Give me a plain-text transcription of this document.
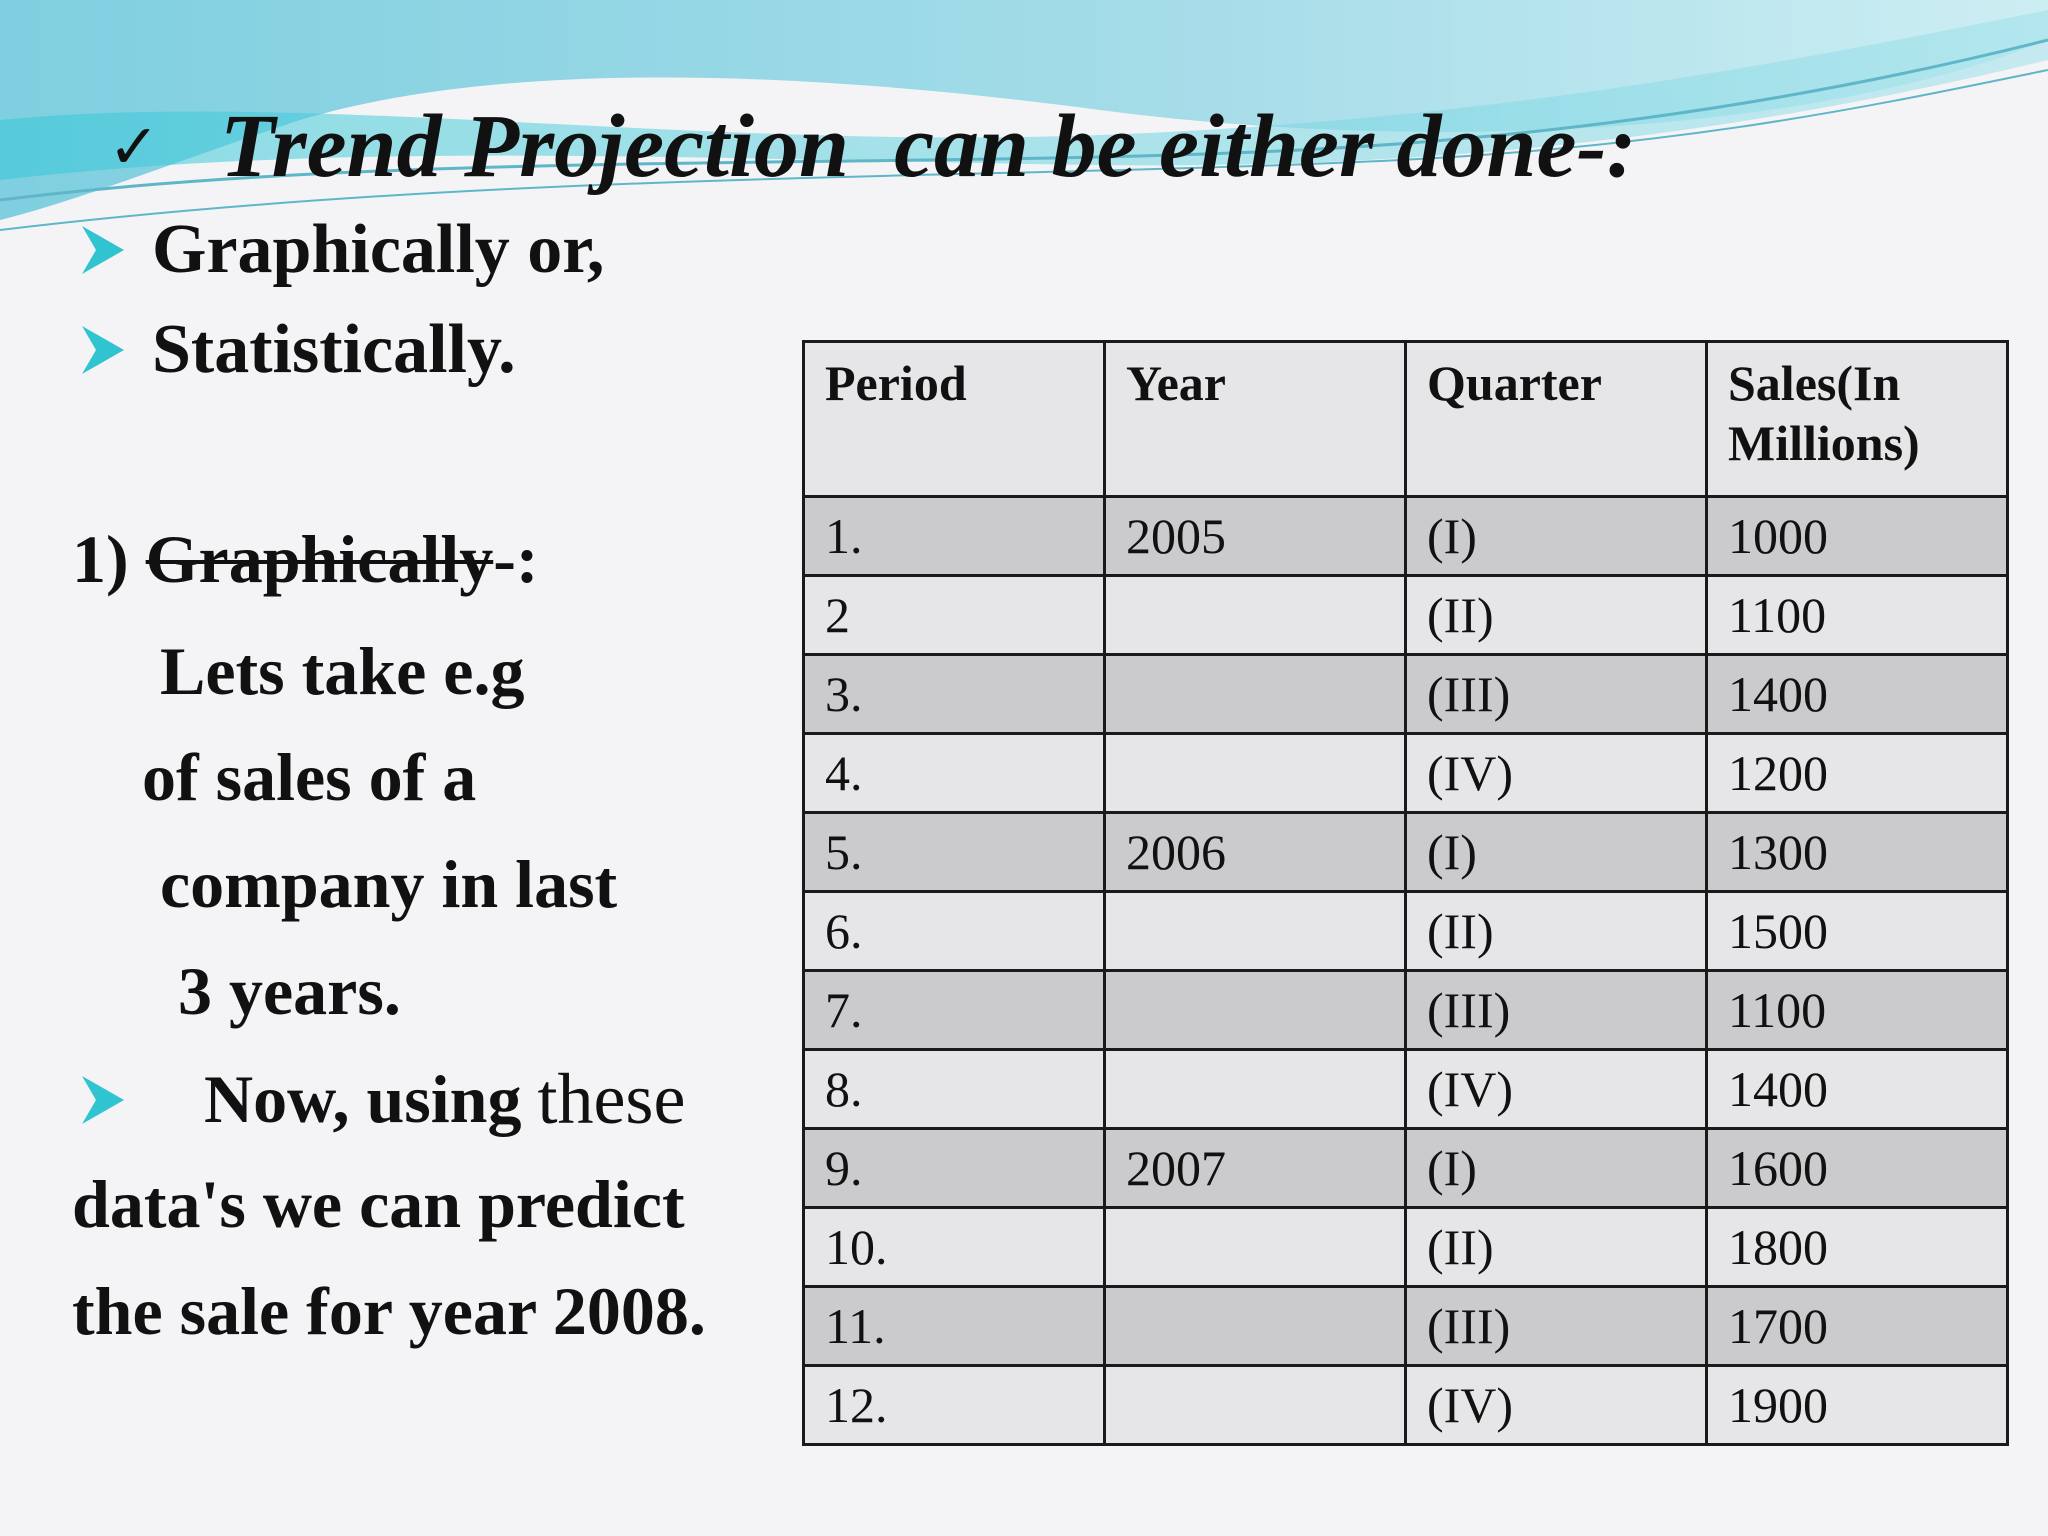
✓ Trend Projection  can be either done-:
Graphically or,
Statistically.
1) Graphically-:
Lets take e.g
of sales of a
company in last
3 years.
Now, using these
data's we can predict
the sale for year 2008.
Period	Year	Quarter	Sales(In Millions)
1.	2005	(I)	1000
2		(II)	1100
3.		(III)	1400
4.		(IV)	1200
5.	2006	(I)	1300
6.		(II)	1500
7.		(III)	1100
8.		(IV)	1400
9.	2007	(I)	1600
10.		(II)	1800
11.		(III)	1700
12.		(IV)	1900
